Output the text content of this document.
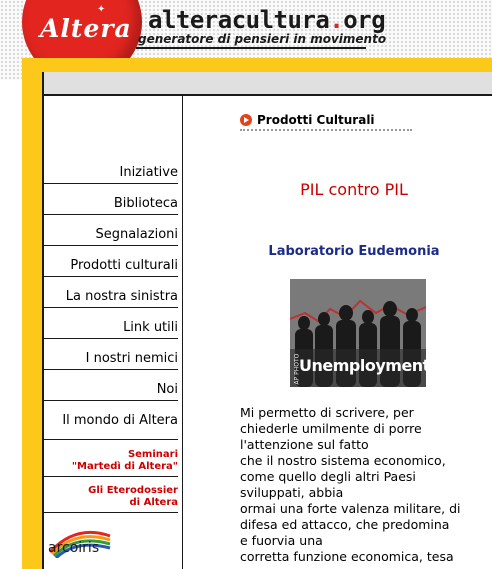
Altera
✦ alteracultura.org
generatore di pensieri in movimento
Iniziative
Biblioteca
Segnalazioni
Prodotti culturali
La nostra sinistra
Link utili
I nostri nemici
Noi
Il mondo di Altera
Seminari
"Martedì di Altera"
Gli Eterodossier
di Altera
arcoiris
Prodotti Culturali
PIL contro PIL
Laboratorio Eudemonia
AP PHOTO
Unemployment
Mi permetto di scrivere, per
chiederle umilmente di porre
l'attenzione sul fatto
che il nostro sistema economico,
come quello degli altri Paesi
sviluppati, abbia
ormai una forte valenza militare, di
difesa ed attacco, che predomina
e fuorvia una
corretta funzione economica, tesa
